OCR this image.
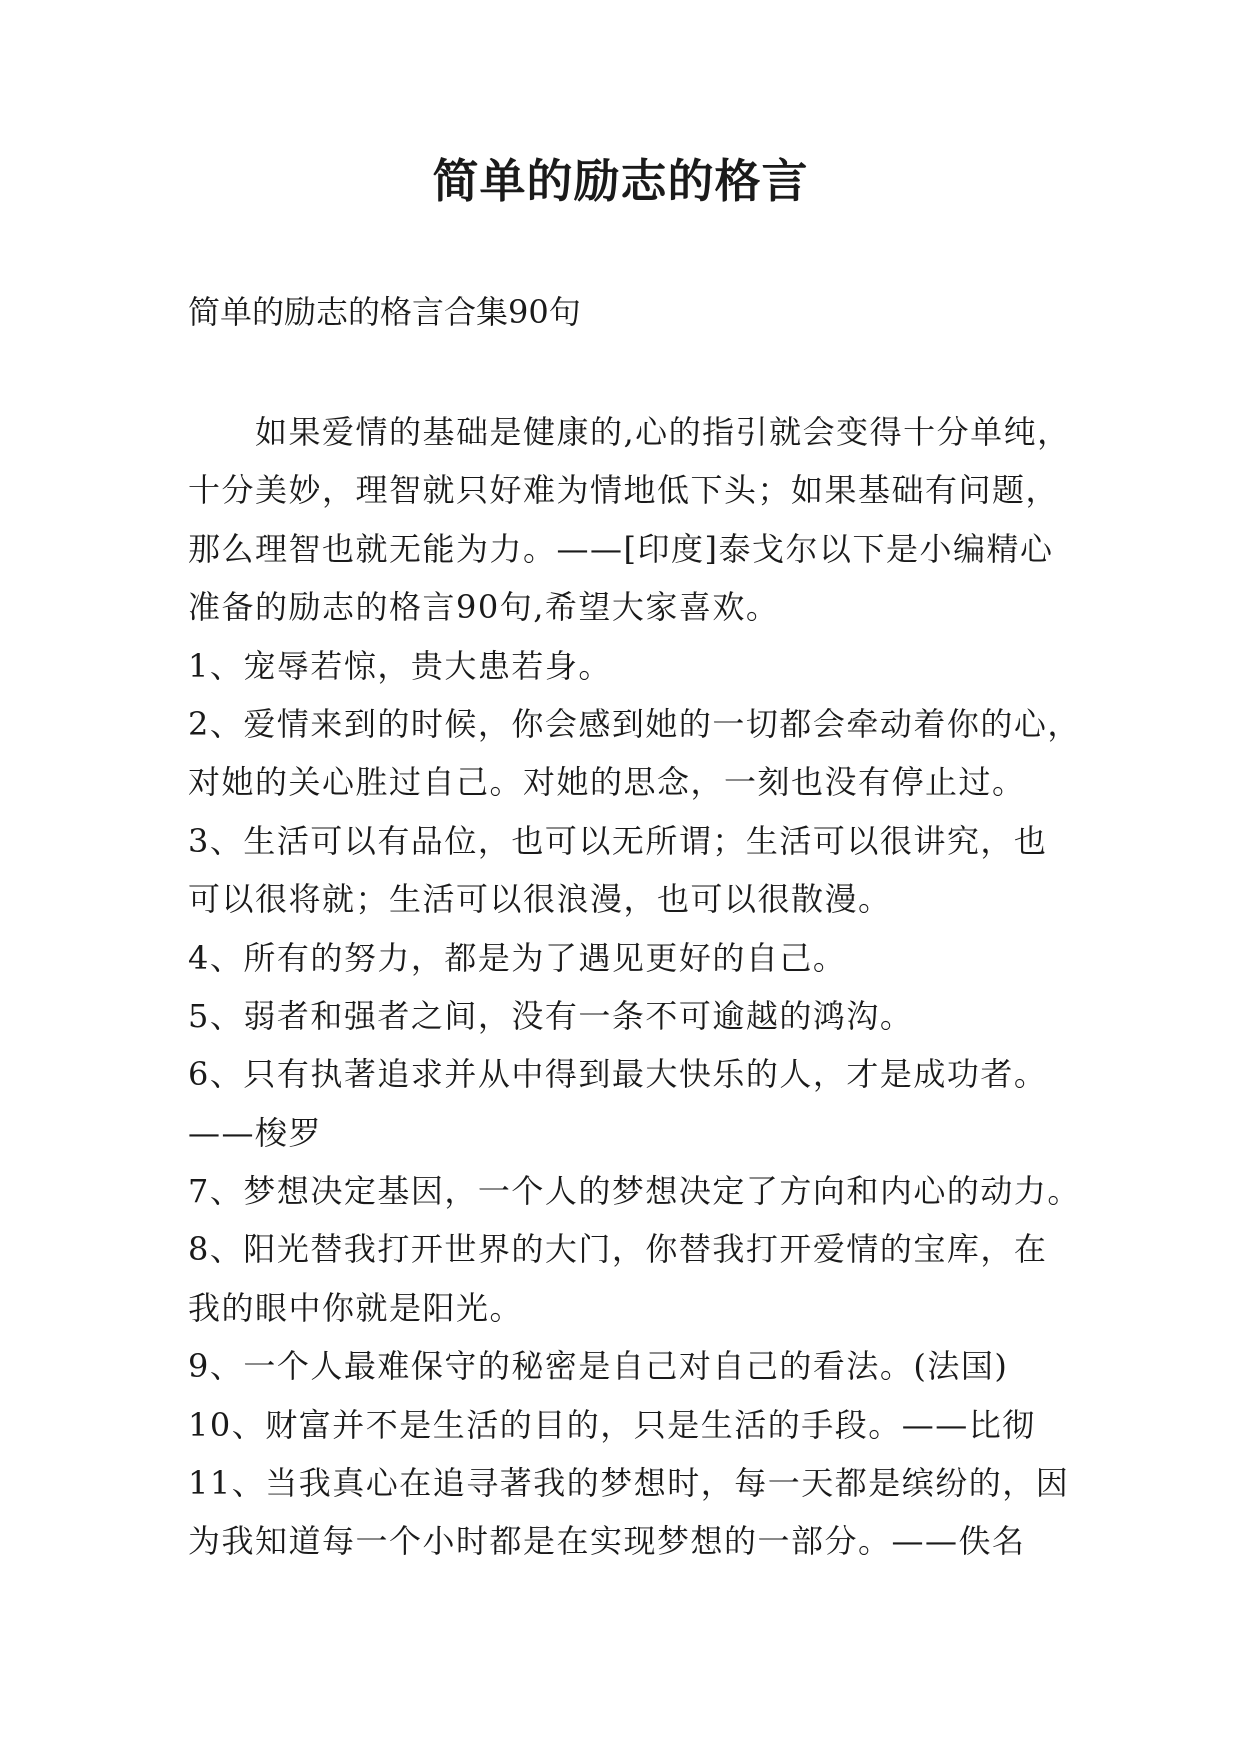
简单的励志的格言

简单的励志的格言合集90句

　　如果爱情的基础是健康的,心的指引就会变得十分单纯，
十分美妙，理智就只好难为情地低下头；如果基础有问题，
那么理智也就无能为力。——[印度]泰戈尔以下是小编精心
准备的励志的格言90句,希望大家喜欢。
1、宠辱若惊，贵大患若身。
2、爱情来到的时候，你会感到她的一切都会牵动着你的心，
对她的关心胜过自己。对她的思念，一刻也没有停止过。
3、生活可以有品位，也可以无所谓；生活可以很讲究，也
可以很将就；生活可以很浪漫，也可以很散漫。
4、所有的努力，都是为了遇见更好的自己。
5、弱者和强者之间，没有一条不可逾越的鸿沟。
6、只有执著追求并从中得到最大快乐的人，才是成功者。
——梭罗
7、梦想决定基因，一个人的梦想决定了方向和内心的动力。
8、阳光替我打开世界的大门，你替我打开爱情的宝库，在
我的眼中你就是阳光。
9、一个人最难保守的秘密是自己对自己的看法。(法国)
10、财富并不是生活的目的，只是生活的手段。——比彻
11、当我真心在追寻著我的梦想时，每一天都是缤纷的，因
为我知道每一个小时都是在实现梦想的一部分。——佚名
